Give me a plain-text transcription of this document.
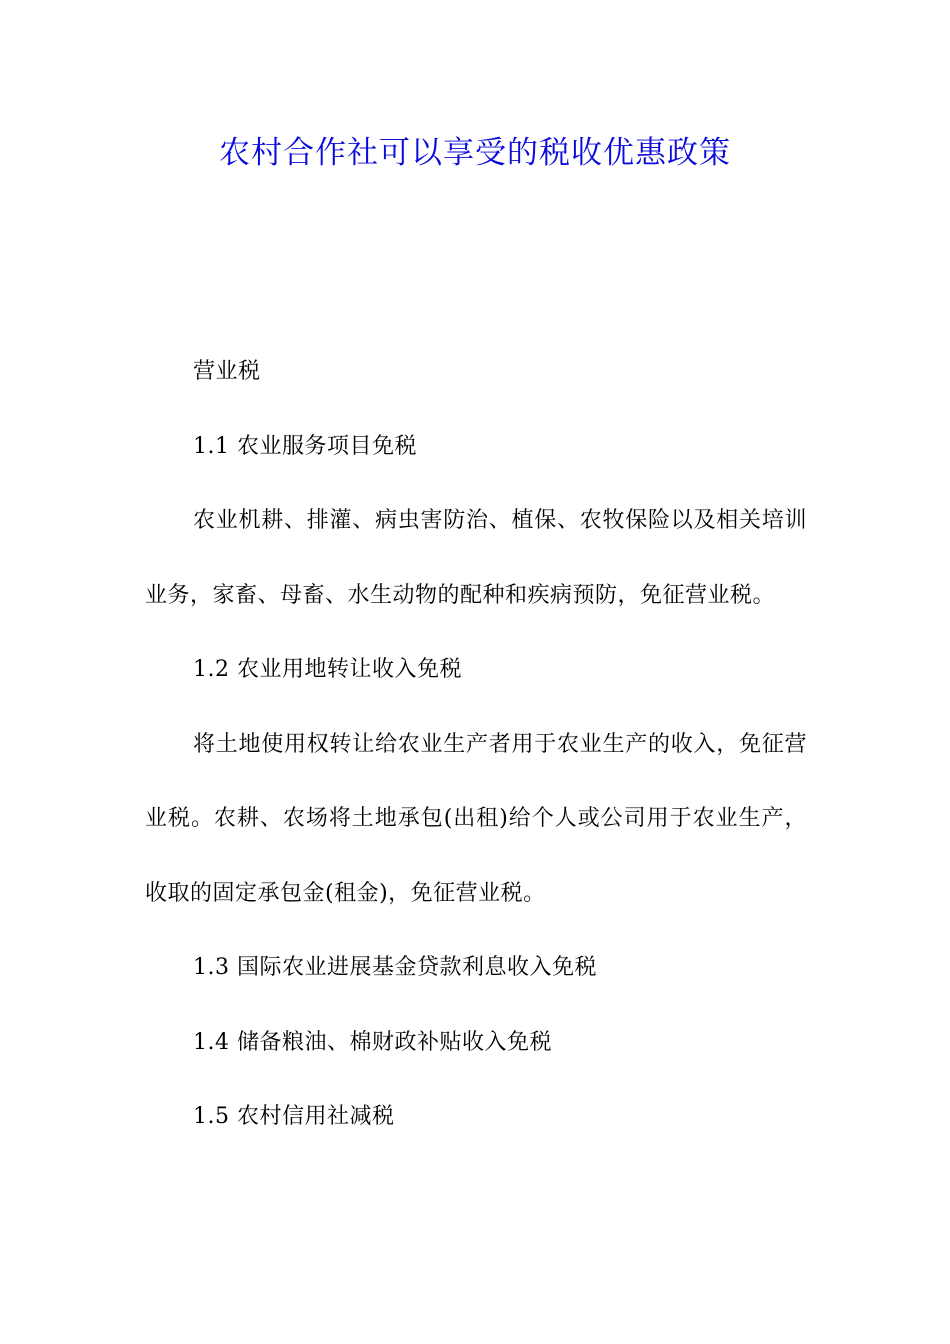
农村合作社可以享受的税收优惠政策

营业税

1.1 农业服务项目免税

农业机耕、排灌、病虫害防治、植保、农牧保险以及相关培训业务，家畜、母畜、水生动物的配种和疾病预防，免征营业税。

1.2 农业用地转让收入免税

将土地使用权转让给农业生产者用于农业生产的收入，免征营业税。农耕、农场将土地承包(出租)给个人或公司用于农业生产，收取的固定承包金(租金)，免征营业税。

1.3 国际农业进展基金贷款利息收入免税

1.4 储备粮油、棉财政补贴收入免税

1.5 农村信用社减税
